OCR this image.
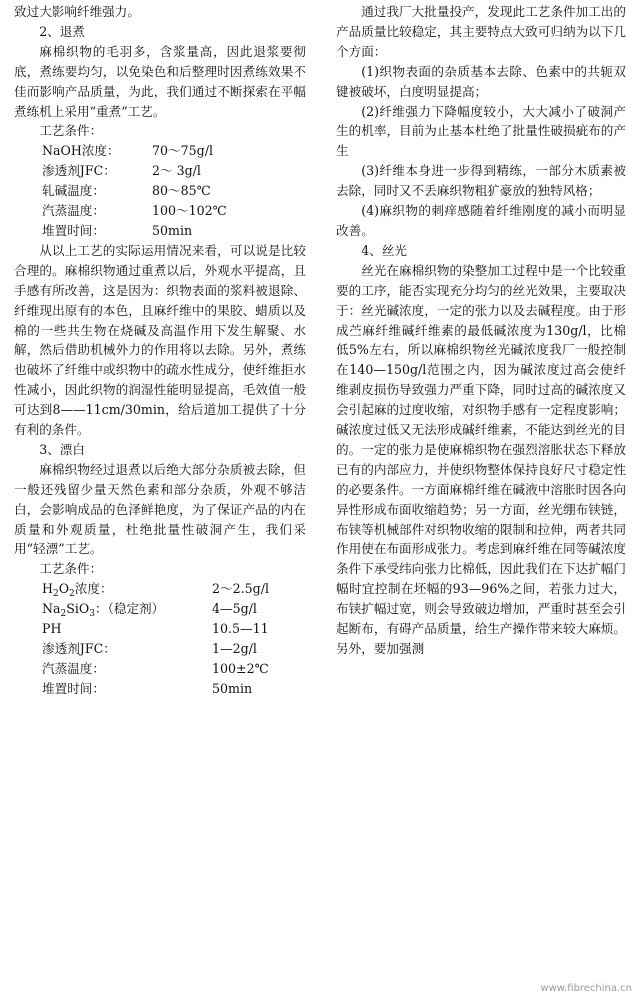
致过大影响纤维强力。

2、退煮

麻棉织物的毛羽多，含浆量高，因此退浆要彻底，煮练要均匀，以免染色和后整理时因煮练效果不佳而影响产品质量，为此，我们通过不断探索在平幅煮练机上采用“重煮”工艺。

工艺条件：

NaOH浓度：	70～75g/l
渗透剂JFC：	2～ 3g/l
轧碱温度：	80～85℃
汽蒸温度：	100～102℃
堆置时间：	50min

从以上工艺的实际运用情况来看，可以说是比较合理的。麻棉织物通过重煮以后，外观水平提高，且手感有所改善，这是因为：织物表面的浆料被退除、纤维现出原有的本色，且麻纤维中的果胶、蜡质以及棉的一些共生物在烧碱及高温作用下发生解聚、水解，然后借助机械外力的作用将以去除。另外，煮练也破坏了纤维中或织物中的疏水性成分，使纤维拒水性减小，因此织物的润湿性能明显提高，毛效值一般可达到8——11cm/30min，给后道加工提供了十分有利的条件。

3、漂白

麻棉织物经过退煮以后绝大部分杂质被去除，但一般还残留少量天然色素和部分杂质，外观不够洁白，会影响成品的色泽鲜艳度，为了保证产品的内在质量和外观质量，杜绝批量性破洞产生，我们采用“轻漂”工艺。

工艺条件：

$H_2O_2$浓度：	2～2.5g/l
$Na_2SiO_3$：（稳定剂）	4—5g/l
PH	10.5—11
渗透剂JFC：	1—2g/l
汽蒸温度：	100±2℃
堆置时间：	50min

通过我厂大批量投产，发现此工艺条件加工出的产品质量比较稳定，其主要特点大致可归纳为以下几个方面：

(1)织物表面的杂质基本去除、色素中的共轭双键被破坏，白度明显提高；

(2)纤维强力下降幅度较小，大大减小了破洞产生的机率，目前为止基本杜绝了批量性破损疵布的产生

(3)纤维本身进一步得到精练，一部分木质素被去除，同时又不丢麻织物粗犷豪放的独特风格；

(4)麻织物的刺痒感随着纤维刚度的减小而明显改善。

4、丝光

丝光在麻棉织物的染整加工过程中是一个比较重要的工序，能否实现充分均匀的丝光效果，主要取决于：丝光碱浓度，一定的张力以及去碱程度。由于形成苎麻纤维碱纤维素的最低碱浓度为130g/l，比棉低5%左右，所以麻棉织物丝光碱浓度我厂一般控制在140—150g/l范围之内，因为碱浓度过高会使纤维剥皮损伤导致强力严重下降，同时过高的碱浓度又会引起麻的过度收缩，对织物手感有一定程度影响；碱浓度过低又无法形成碱纤维素，不能达到丝光的目的。一定的张力是使麻棉织物在强烈溶胀状态下释放已有的内部应力，并使织物整体保持良好尺寸稳定性的必要条件。一方面麻棉纤维在碱液中溶胀时因各向异性形成布面收缩趋势；另一方面，丝光绷布铗链，布铗等机械部件对织物收缩的限制和拉伸，两者共同作用使在布面形成张力。考虑到麻纤维在同等碱浓度条件下承受纬向张力比棉低，因此我们在下达扩幅门幅时宜控制在坯幅的93—96%之间，若张力过大，布铗扩幅过宽，则会导致破边增加，严重时甚至会引起断布，有碍产品质量，给生产操作带来较大麻烦。另外，要加强测

www.fibrechina.cn
